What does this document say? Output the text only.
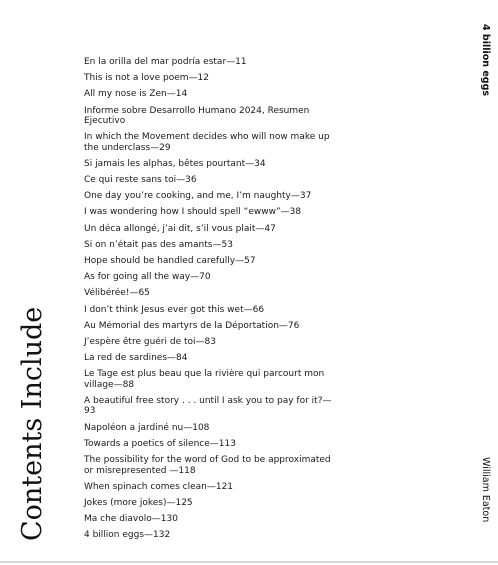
Contents Include
En la orilla del mar podría estar—11
This is not a love poem—12
All my nose is Zen—14
Informe sobre Desarrollo Humano 2024, Resumen Ejecutivo
In which the Movement decides who will now make up the underclass—29
Si jamais les alphas, bêtes pourtant—34
Ce qui reste sans toi—36
One day you’re cooking, and me, I’m naughty—37
I was wondering how I should spell “ewww”—38
Un déca allongé, j’ai dit, s’il vous plait—47
Si on n’était pas des amants—53
Hope should be handled carefully—57
As for going all the way—70
Vélibérée!—65
I don’t think Jesus ever got this wet—66
Au Mémorial des martyrs de la Déportation—76
J’espère être guéri de toi—83
La red de sardines—84
Le Tage est plus beau que la rivière qui parcourt mon village—88
A beautiful free story . . . until I ask you to pay for it?—93
Napoléon a jardiné nu—108
Towards a poetics of silence—113
The possibility for the word of God to be approximated or misrepresented —118
When spinach comes clean—121
Jokes (more jokes)—125
Ma che diavolo—130
4 billion eggs—132
4 billion eggs
William Eaton
